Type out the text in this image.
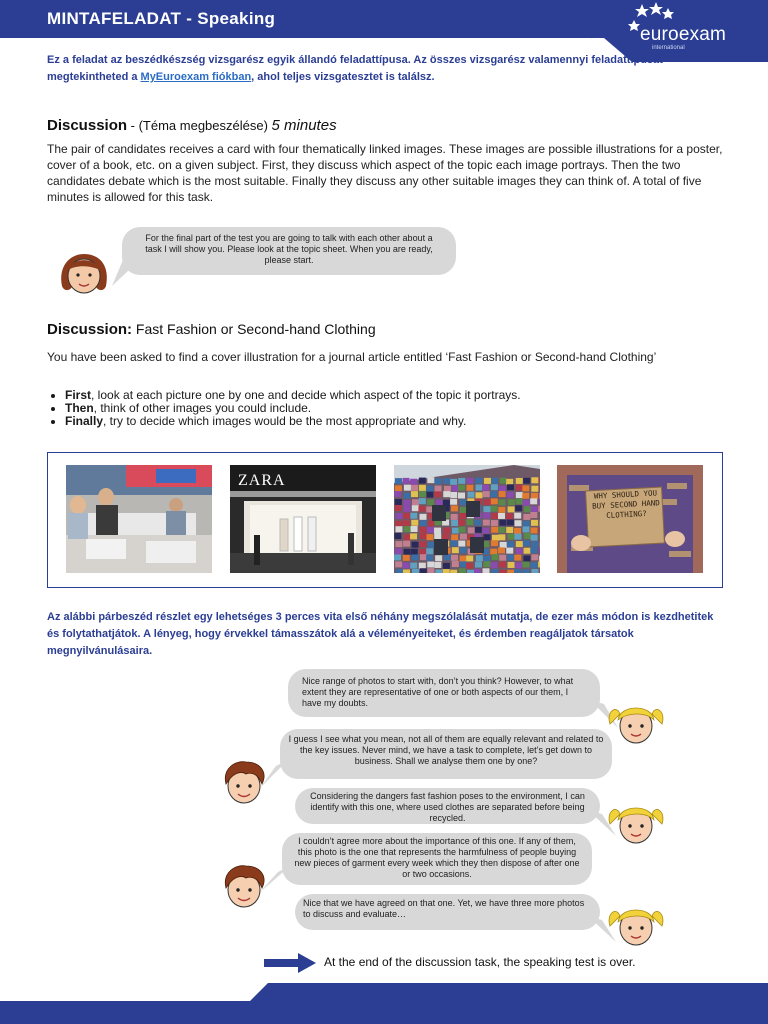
MINTAFELADAT - Speaking
euroexam
international
Ez a feladat az beszédkészség vizsgarész egyik állandó feladattípusa. Az összes vizsgarész valamennyi feladattípusát megtekintheted a MyEuroexam fiókban, ahol teljes vizsgatesztet is találsz.
Discussion - (Téma megbeszélése) 5 minutes
The pair of candidates receives a card with four thematically linked images. These images are possible illustrations for a poster, cover of a book, etc. on a given subject. First, they discuss which aspect of the topic each image portrays. Then the two candidates debate which is the most suitable. Finally they discuss any other suitable images they can think of. A total of five minutes is allowed for this task.
For the final part of the test you are going to talk with each other about a task I will show you. Please look at the topic sheet. When you are ready, please start.
Discussion: Fast Fashion or Second-hand Clothing
You have been asked to find a cover illustration for a journal article entitled ‘Fast Fashion or Second-hand Clothing’
• First, look at each picture one by one and decide which aspect of the topic it portrays.
• Then, think of other images you could include.
• Finally, try to decide which images would be the most appropriate and why.
ZARA
WHY SHOULD YOU BUY SECOND HAND CLOTHING?
Az alábbi párbeszéd részlet egy lehetséges 3 perces vita első néhány megszólalását mutatja, de ezer más módon is kezdhetitek és folytathatjátok. A lényeg, hogy érvekkel támasszátok alá a véleményeiteket, és érdemben reagáljatok társatok megnyilvánulásaira.
Nice range of photos to start with, don’t you think? However, to what extent they are representative of one or both aspects of our them, I have my doubts.
I guess I see what you mean, not all of them are equally relevant and related to the key issues. Never mind, we have a task to complete, let’s get down to business. Shall we analyse them one by one?
Considering the dangers fast fashion poses to the environment, I can identify with this one, where used clothes are separated before being recycled.
I couldn’t agree more about the importance of this one. If any of them, this photo is the one that represents the harmfulness of people buying new pieces of garment every week which they then dispose of after one or two occasions.
Nice that we have agreed on that one. Yet, we have three more photos to discuss and evaluate…
At the end of the discussion task, the speaking test is over.
